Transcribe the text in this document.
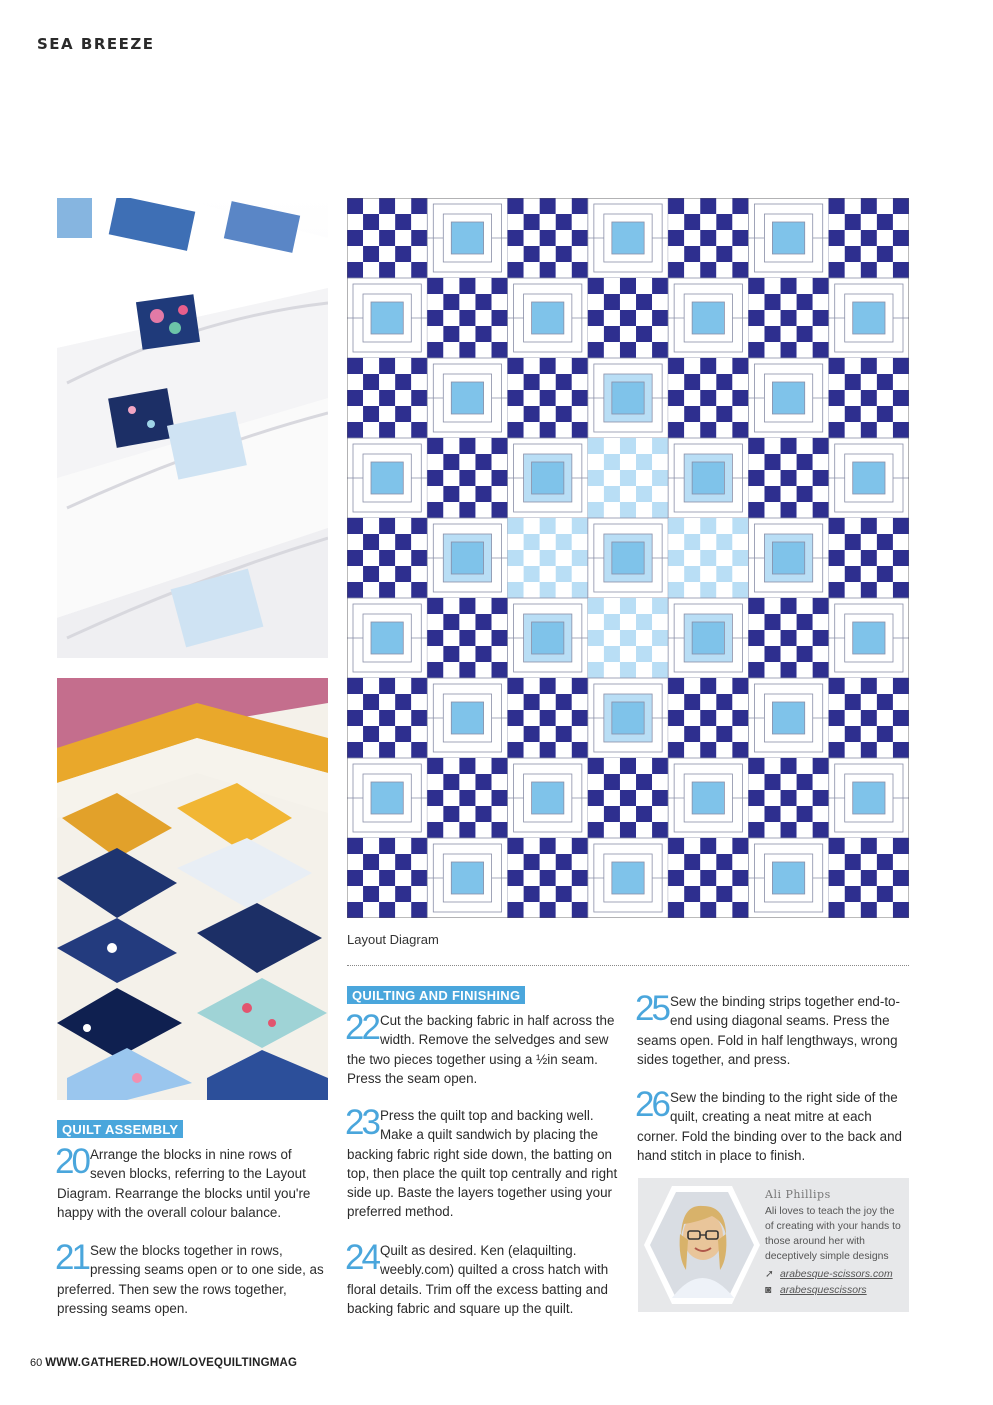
SEA BREEZE
Layout Diagram
QUILT ASSEMBLY
20 Arrange the blocks in nine rows of seven blocks, referring to the Layout Diagram. Rearrange the blocks until you're happy with the overall colour balance.
21 Sew the blocks together in rows, pressing seams open or to one side, as preferred. Then sew the rows together, pressing seams open.
QUILTING AND FINISHING
22 Cut the backing fabric in half across the width. Remove the selvedges and sew the two pieces together using a ½in seam. Press the seam open.
23 Press the quilt top and backing well. Make a quilt sandwich by placing the backing fabric right side down, the batting on top, then place the quilt top centrally and right side up. Baste the layers together using your preferred method.
24 Quilt as desired. Ken (elaquilting. weebly.com) quilted a cross hatch with floral details. Trim off the excess batting and backing fabric and square up the quilt.
25 Sew the binding strips together end-to-end using diagonal seams. Press the seams open. Fold in half lengthways, wrong sides together, and press.
26 Sew the binding to the right side of the quilt, creating a neat mitre at each corner. Fold the binding over to the back and hand stitch in place to finish.
Ali Phillips
Ali loves to teach the joy the of creating with your hands to those around her with deceptively simple designs
➚ arabesque-scissors.com
◙ arabesquescissors
60 WWW.GATHERED.HOW/LOVEQUILTINGMAG
